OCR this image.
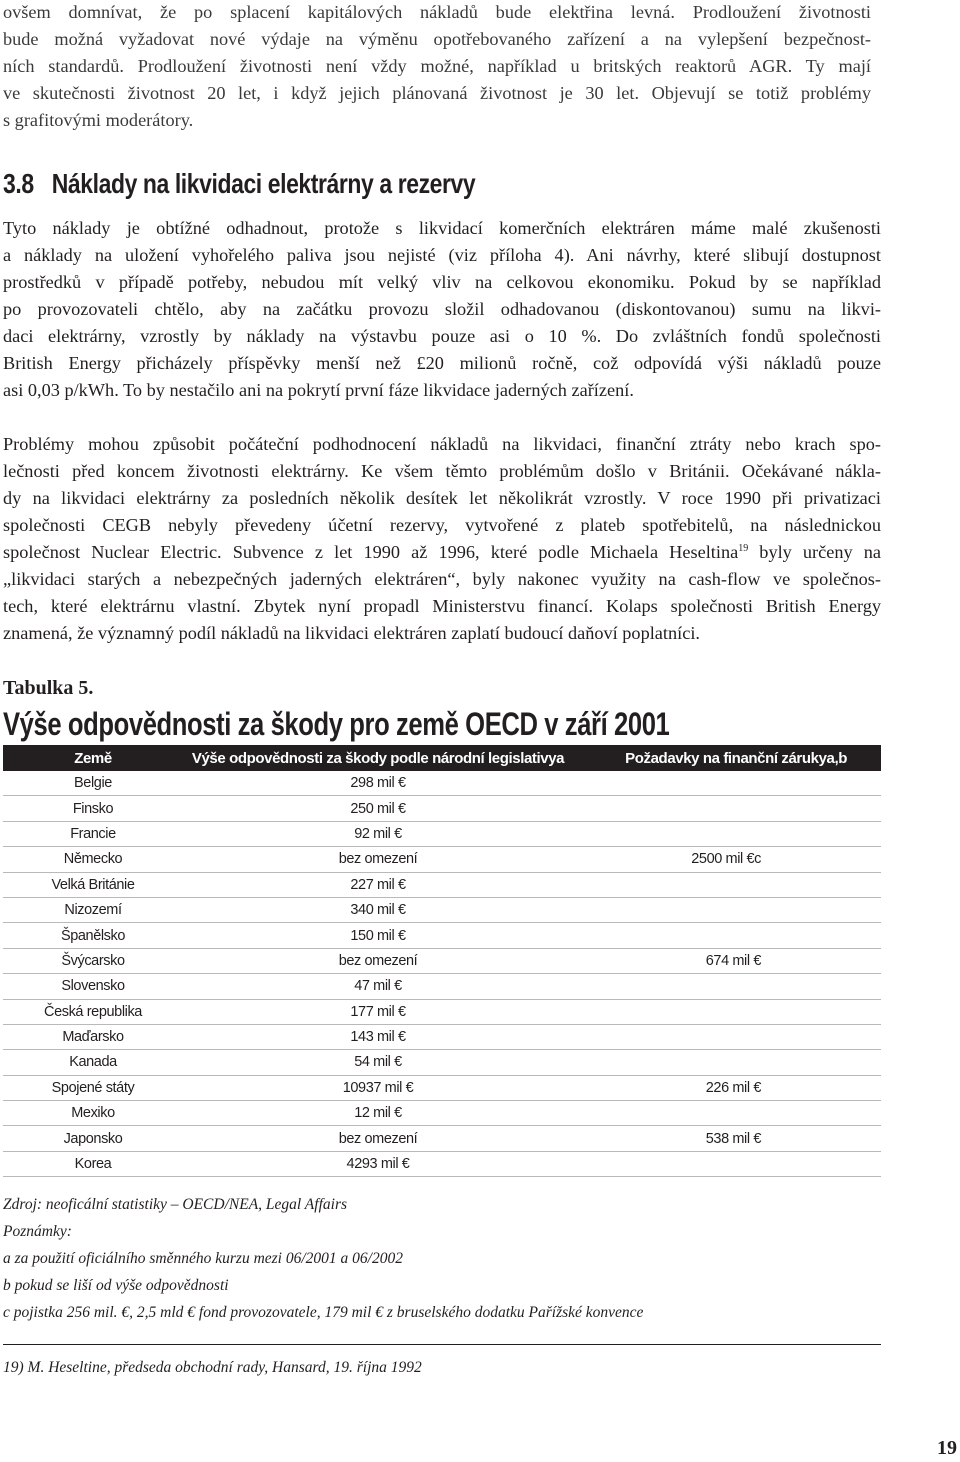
ovšem domnívat, že po splacení kapitálových nákladů bude elektřina levná. Prodloužení životnosti
bude možná vyžadovat nové výdaje na výměnu opotřebovaného zařízení a na vylepšení bezpečnost-
ních standardů. Prodloužení životnosti není vždy možné, například u britských reaktorů AGR. Ty mají
ve skutečnosti životnost 20 let, i když jejich plánovaná životnost je 30 let. Objevují se totiž problémy
s grafitovými moderátory.
3.8 Náklady na likvidaci elektrárny a rezervy
Tyto náklady je obtížné odhadnout, protože s likvidací komerčních elektráren máme malé zkušenosti
a náklady na uložení vyhořelého paliva jsou nejisté (viz příloha 4). Ani návrhy, které slibují dostupnost
prostředků v případě potřeby, nebudou mít velký vliv na celkovou ekonomiku. Pokud by se například
po provozovateli chtělo, aby na začátku provozu složil odhadovanou (diskontovanou) sumu na likvi-
daci elektrárny, vzrostly by náklady na výstavbu pouze asi o 10 %. Do zvláštních fondů společnosti
British Energy přicházely příspěvky menší než £20 milionů ročně, což odpovídá výši nákladů pouze
asi 0,03 p/kWh. To by nestačilo ani na pokrytí první fáze likvidace jaderných zařízení.
Problémy mohou způsobit počáteční podhodnocení nákladů na likvidaci, finanční ztráty nebo krach spo-
lečnosti před koncem životnosti elektrárny. Ke všem těmto problémům došlo v Británii. Očekávané nákla-
dy na likvidaci elektrárny za posledních několik desítek let několikrát vzrostly. V roce 1990 při privatizaci
společnosti CEGB nebyly převedeny účetní rezervy, vytvořené z plateb spotřebitelů, na následnickou
společnost Nuclear Electric. Subvence z let 1990 až 1996, které podle Michaela Heseltina$^{19}$ byly určeny na
„likvidaci starých a nebezpečných jaderných elektráren“, byly nakonec využity na cash-flow ve společnos-
tech, které elektrárnu vlastní. Zbytek nyní propadl Ministerstvu financí. Kolaps společnosti British Energy
znamená, že významný podíl nákladů na likvidaci elektráren zaplatí budoucí daňoví poplatníci.

Tabulka 5.

Výše odpovědnosti za škody pro země OECD v září 2001
Země	Výše odpovědnosti za škody podle národní legislativya	Požadavky na finanční zárukya,b
Belgie	298 mil €	
Finsko	250 mil €	
Francie	92 mil €	
Německo	bez omezení	2500 mil €c
Velká Británie	227 mil €	
Nizozemí	340 mil €	
Španělsko	150 mil €	
Švýcarsko	bez omezení	674 mil €
Slovensko	47 mil €	
Česká republika	177 mil €	
Maďarsko	143 mil €	
Kanada	54 mil €	
Spojené státy	10937 mil €	226 mil €
Mexiko	12 mil €	
Japonsko	bez omezení	538 mil €
Korea	4293 mil €	

Zdroj: neoficální statistiky – OECD/NEA, Legal Affairs

Poznámky:

a za použití oficiálního směnného kurzu mezi 06/2001 a 06/2002

b pokud se liší od výše odpovědnosti

c pojistka 256 mil. €, 2,5 mld € fond provozovatele, 179 mil € z bruselského dodatku Pařížské konvence

19) M. Heseltine, předseda obchodní rady, Hansard, 19. října 1992

19
